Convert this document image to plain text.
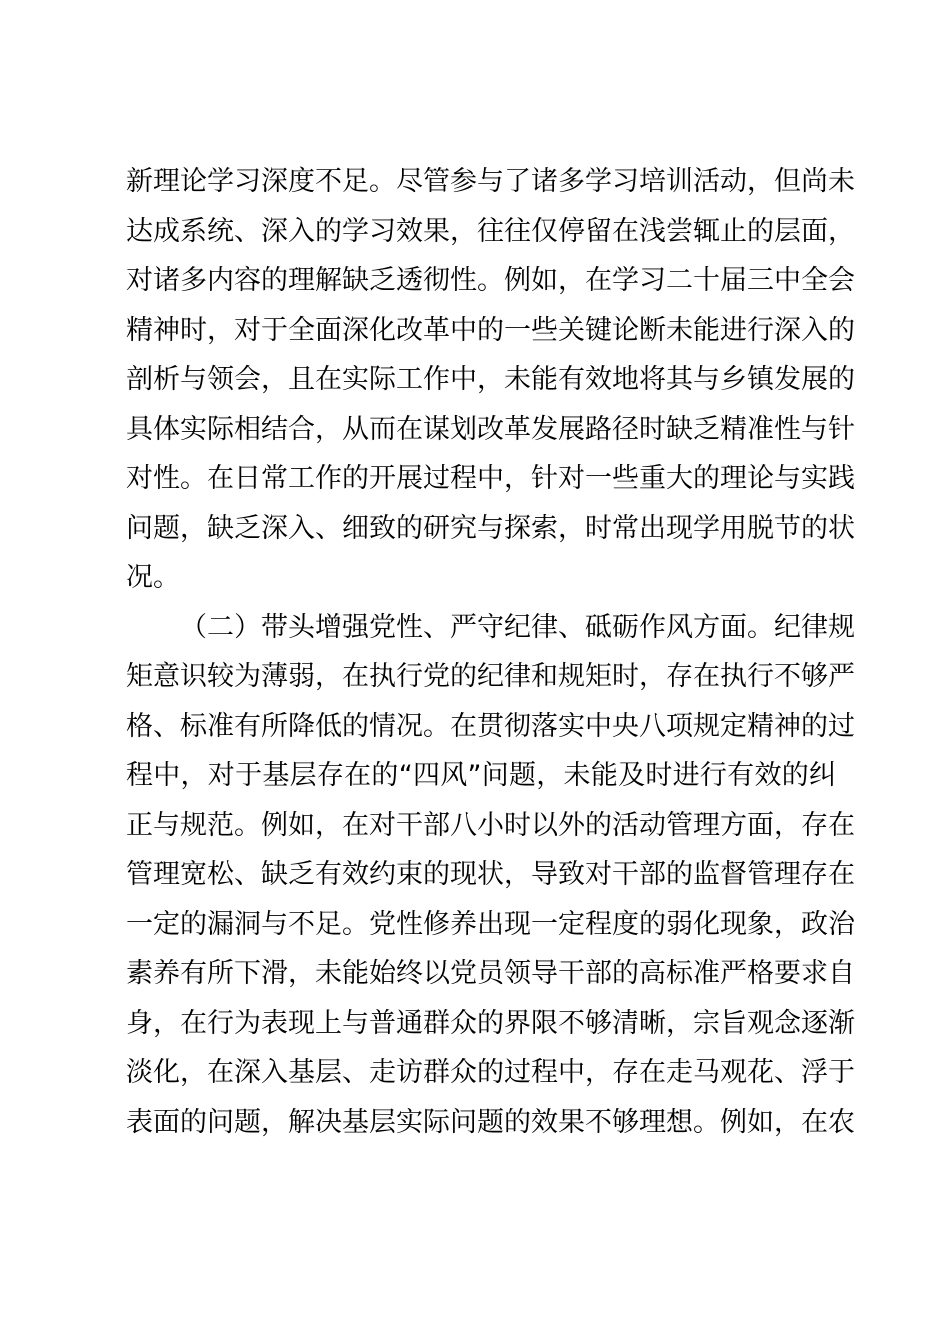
新理论学习深度不足。尽管参与了诸多学习培训活动，但尚未
达成系统、深入的学习效果，往往仅停留在浅尝辄止的层面，
对诸多内容的理解缺乏透彻性。例如，在学习二十届三中全会
精神时，对于全面深化改革中的一些关键论断未能进行深入的
剖析与领会，且在实际工作中，未能有效地将其与乡镇发展的
具体实际相结合，从而在谋划改革发展路径时缺乏精准性与针
对性。在日常工作的开展过程中，针对一些重大的理论与实践
问题，缺乏深入、细致的研究与探索，时常出现学用脱节的状
况。
（二）带头增强党性、严守纪律、砥砺作风方面。纪律规
矩意识较为薄弱，在执行党的纪律和规矩时，存在执行不够严
格、标准有所降低的情况。在贯彻落实中央八项规定精神的过
程中，对于基层存在的“四风”问题，未能及时进行有效的纠
正与规范。例如，在对干部八小时以外的活动管理方面，存在
管理宽松、缺乏有效约束的现状，导致对干部的监督管理存在
一定的漏洞与不足。党性修养出现一定程度的弱化现象，政治
素养有所下滑，未能始终以党员领导干部的高标准严格要求自
身，在行为表现上与普通群众的界限不够清晰，宗旨观念逐渐
淡化，在深入基层、走访群众的过程中，存在走马观花、浮于
表面的问题，解决基层实际问题的效果不够理想。例如，在农
